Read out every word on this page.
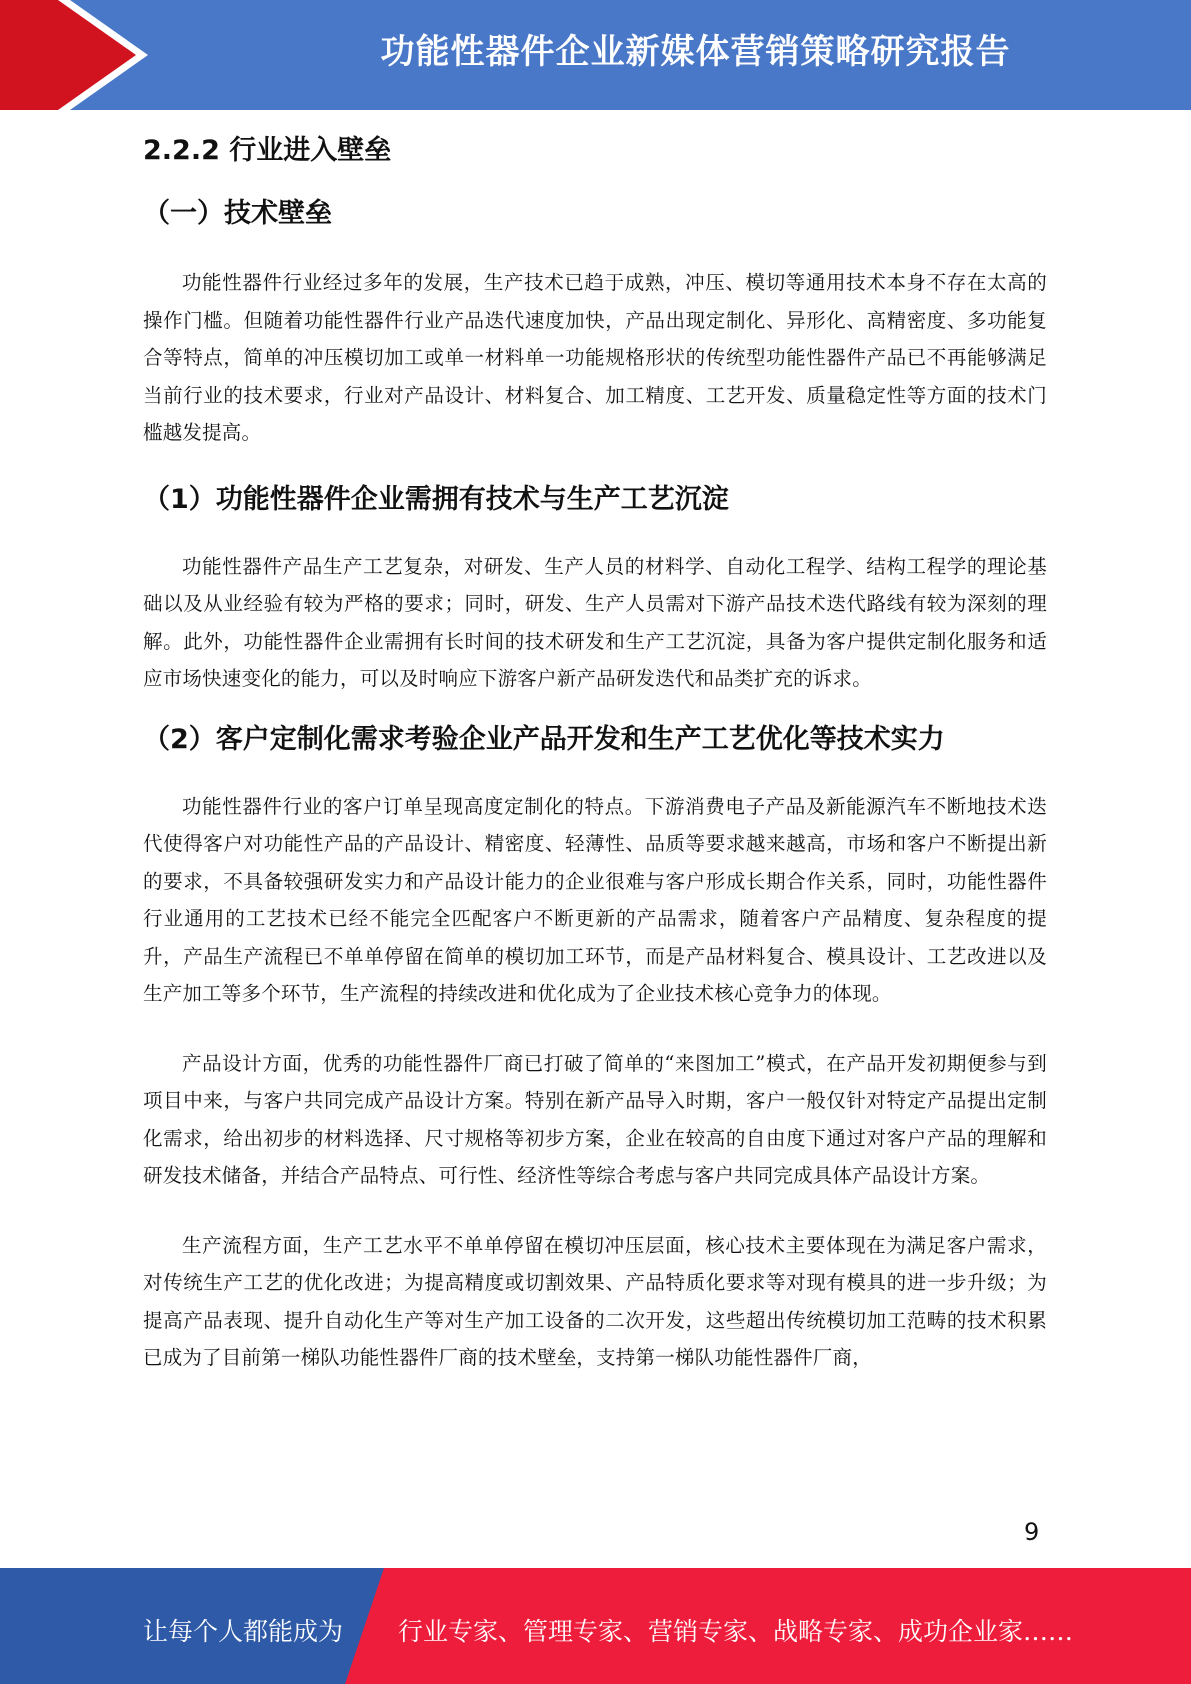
功能性器件企业新媒体营销策略研究报告
2.2.2 行业进入壁垒
（一）技术壁垒

功能性器件行业经过多年的发展，生产技术已趋于成熟，冲压、模切等通用技术本身不存在太高的操作门槛。但随着功能性器件行业产品迭代速度加快，产品出现定制化、异形化、高精密度、多功能复合等特点，简单的冲压模切加工或单一材料单一功能规格形状的传统型功能性器件产品已不再能够满足当前行业的技术要求，行业对产品设计、材料复合、加工精度、工艺开发、质量稳定性等方面的技术门槛越发提高。

（1）功能性器件企业需拥有技术与生产工艺沉淀

功能性器件产品生产工艺复杂，对研发、生产人员的材料学、自动化工程学、结构工程学的理论基础以及从业经验有较为严格的要求；同时，研发、生产人员需对下游产品技术迭代路线有较为深刻的理解。此外，功能性器件企业需拥有长时间的技术研发和生产工艺沉淀，具备为客户提供定制化服务和适应市场快速变化的能力，可以及时响应下游客户新产品研发迭代和品类扩充的诉求。

（2）客户定制化需求考验企业产品开发和生产工艺优化等技术实力

功能性器件行业的客户订单呈现高度定制化的特点。下游消费电子产品及新能源汽车不断地技术迭代使得客户对功能性产品的产品设计、精密度、轻薄性、品质等要求越来越高，市场和客户不断提出新的要求，不具备较强研发实力和产品设计能力的企业很难与客户形成长期合作关系，同时，功能性器件行业通用的工艺技术已经不能完全匹配客户不断更新的产品需求，随着客户产品精度、复杂程度的提升，产品生产流程已不单单停留在简单的模切加工环节，而是产品材料复合、模具设计、工艺改进以及生产加工等多个环节，生产流程的持续改进和优化成为了企业技术核心竞争力的体现。

产品设计方面，优秀的功能性器件厂商已打破了简单的“来图加工”模式，在产品开发初期便参与到项目中来，与客户共同完成产品设计方案。特别在新产品导入时期，客户一般仅针对特定产品提出定制化需求，给出初步的材料选择、尺寸规格等初步方案，企业在较高的自由度下通过对客户产品的理解和研发技术储备，并结合产品特点、可行性、经济性等综合考虑与客户共同完成具体产品设计方案。

生产流程方面，生产工艺水平不单单停留在模切冲压层面，核心技术主要体现在为满足客户需求，对传统生产工艺的优化改进；为提高精度或切割效果、产品特质化要求等对现有模具的进一步升级；为提高产品表现、提升自动化生产等对生产加工设备的二次开发，这些超出传统模切加工范畴的技术积累已成为了目前第一梯队功能性器件厂商的技术壁垒，支持第一梯队功能性器件厂商，

9
让每个人都能成为 行业专家、管理专家、营销专家、战略专家、成功企业家……
